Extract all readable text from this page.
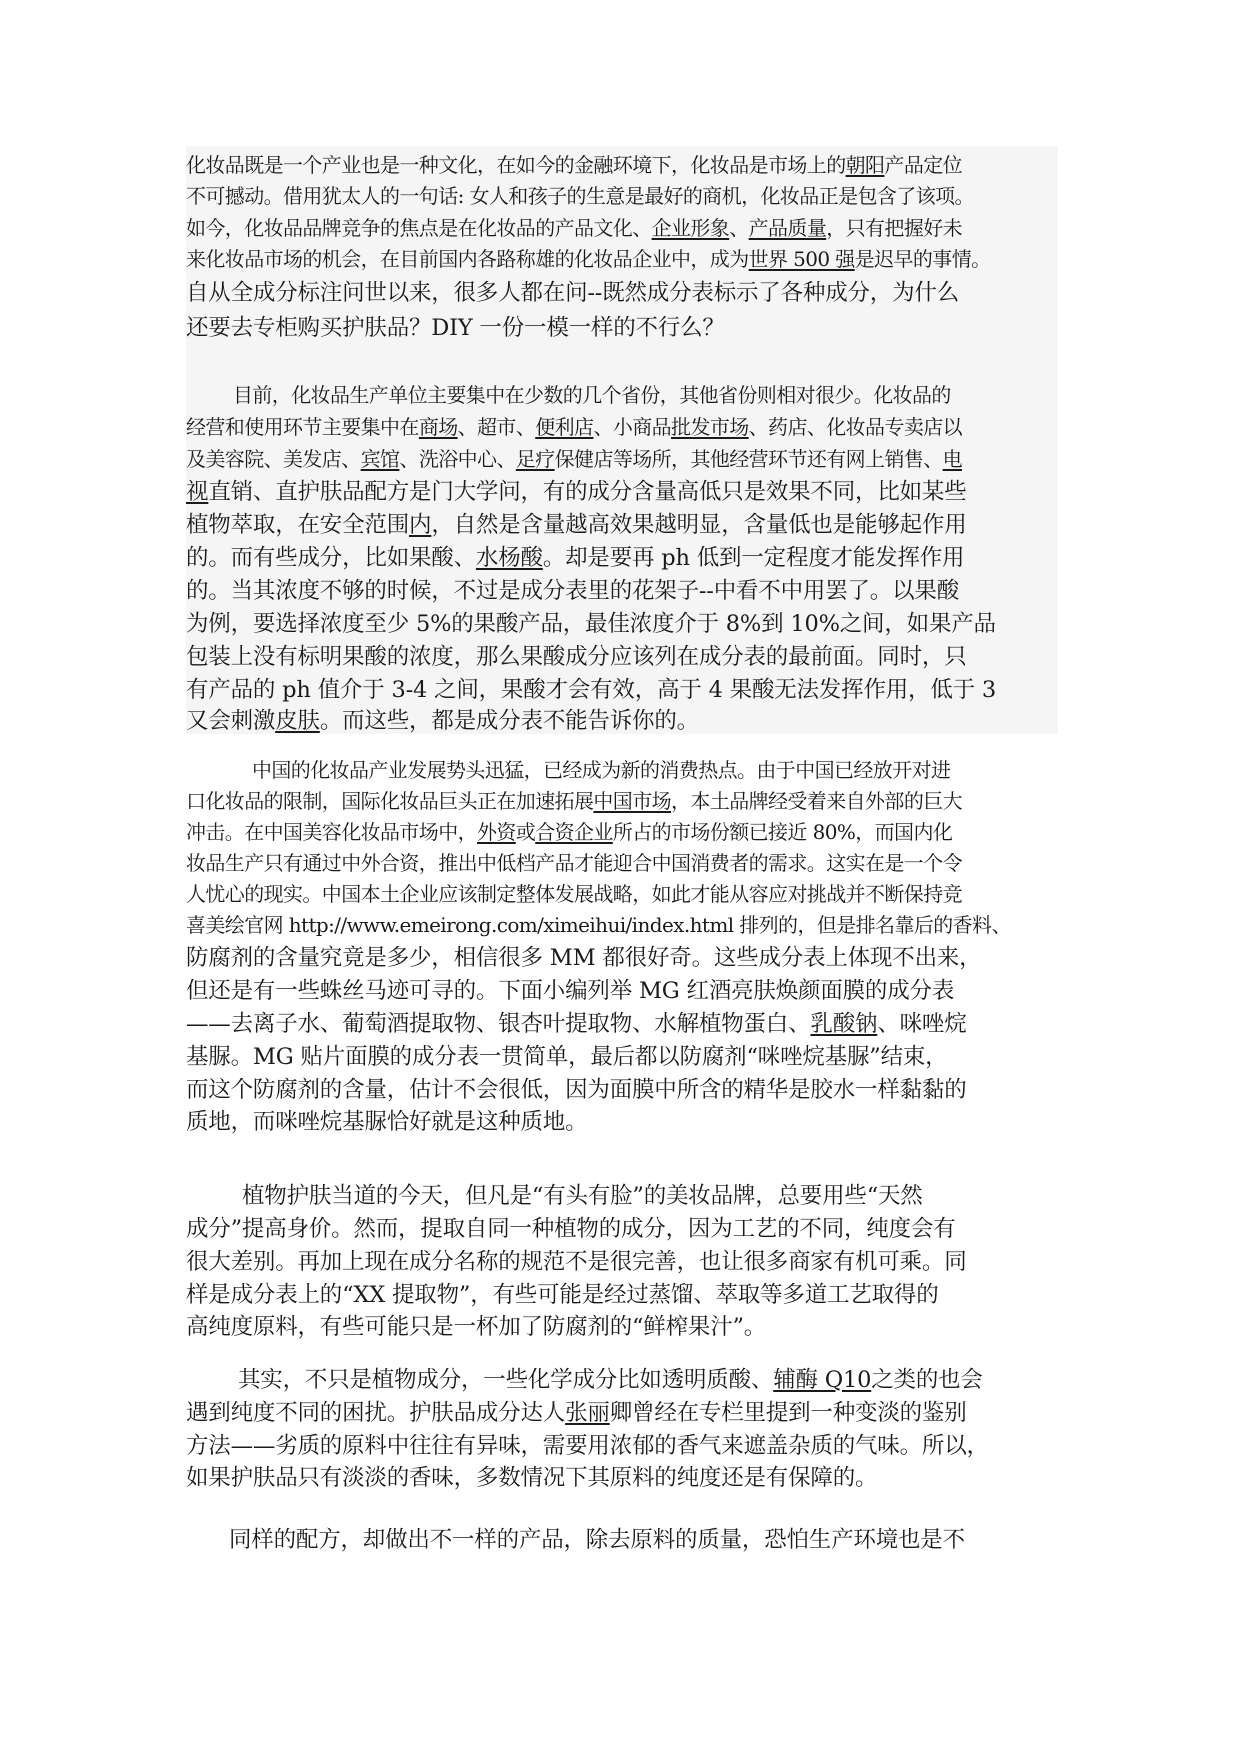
化妆品既是一个产业也是一种文化，在如今的金融环境下，化妆品是市场上的朝阳产品定位
不可撼动。借用犹太人的一句话: 女人和孩子的生意是最好的商机，化妆品正是包含了该项。
如今，化妆品品牌竞争的焦点是在化妆品的产品文化、企业形象、产品质量，只有把握好未
来化妆品市场的机会，在目前国内各路称雄的化妆品企业中，成为世界 500 强是迟早的事情。
自从全成分标注问世以来，很多人都在问--既然成分表标示了各种成分，为什么
还要去专柜购买护肤品？DIY 一份一模一样的不行么？
目前，化妆品生产单位主要集中在少数的几个省份，其他省份则相对很少。化妆品的
经营和使用环节主要集中在商场、超市、便利店、小商品批发市场、药店、化妆品专卖店以
及美容院、美发店、宾馆、洗浴中心、足疗保健店等场所，其他经营环节还有网上销售、电
视直销、直护肤品配方是门大学问，有的成分含量高低只是效果不同，比如某些
植物萃取，在安全范围内，自然是含量越高效果越明显，含量低也是能够起作用
的。而有些成分，比如果酸、水杨酸。却是要再 ph 低到一定程度才能发挥作用
的。当其浓度不够的时候，不过是成分表里的花架子--中看不中用罢了。以果酸
为例，要选择浓度至少 5%的果酸产品，最佳浓度介于 8%到 10%之间，如果产品
包装上没有标明果酸的浓度，那么果酸成分应该列在成分表的最前面。同时，只
有产品的 ph 值介于 3-4 之间，果酸才会有效，高于 4 果酸无法发挥作用，低于 3
又会刺激皮肤。而这些，都是成分表不能告诉你的。
中国的化妆品产业发展势头迅猛，已经成为新的消费热点。由于中国已经放开对进
口化妆品的限制，国际化妆品巨头正在加速拓展中国市场，本土品牌经受着来自外部的巨大
冲击。在中国美容化妆品市场中，外资或合资企业所占的市场份额已接近 80%，而国内化
妆品生产只有通过中外合资，推出中低档产品才能迎合中国消费者的需求。这实在是一个令
人忧心的现实。中国本土企业应该制定整体发展战略，如此才能从容应对挑战并不断保持竞
喜美绘官网 http://www.emeirong.com/ximeihui/index.html 排列的，但是排名靠后的香料、
防腐剂的含量究竟是多少，相信很多 MM 都很好奇。这些成分表上体现不出来，
但还是有一些蛛丝马迹可寻的。下面小编列举 MG 红酒亮肤焕颜面膜的成分表
——去离子水、葡萄酒提取物、银杏叶提取物、水解植物蛋白、乳酸钠、咪唑烷
基脲。MG 贴片面膜的成分表一贯简单，最后都以防腐剂“咪唑烷基脲”结束，
而这个防腐剂的含量，估计不会很低，因为面膜中所含的精华是胶水一样黏黏的
质地，而咪唑烷基脲恰好就是这种质地。
植物护肤当道的今天，但凡是“有头有脸”的美妆品牌，总要用些“天然
成分”提高身价。然而，提取自同一种植物的成分，因为工艺的不同，纯度会有
很大差别。再加上现在成分名称的规范不是很完善，也让很多商家有机可乘。同
样是成分表上的“XX 提取物”，有些可能是经过蒸馏、萃取等多道工艺取得的
高纯度原料，有些可能只是一杯加了防腐剂的“鲜榨果汁”。
其实，不只是植物成分，一些化学成分比如透明质酸、辅酶 Q10之类的也会
遇到纯度不同的困扰。护肤品成分达人张丽卿曾经在专栏里提到一种变淡的鉴别
方法——劣质的原料中往往有异味，需要用浓郁的香气来遮盖杂质的气味。所以，
如果护肤品只有淡淡的香味，多数情况下其原料的纯度还是有保障的。
同样的配方，却做出不一样的产品，除去原料的质量，恐怕生产环境也是不
